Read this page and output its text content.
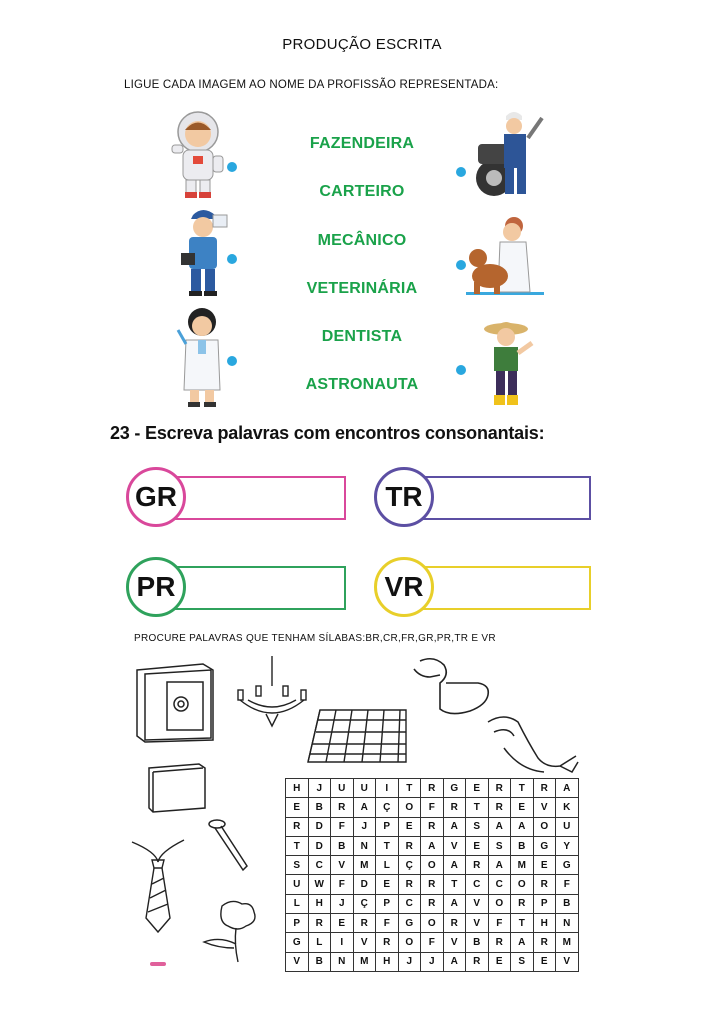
PRODUÇÃO ESCRITA
LIGUE CADA IMAGEM AO NOME DA PROFISSÃO REPRESENTADA:
FAZENDEIRA
CARTEIRO
MECÂNICO
VETERINÁRIA
DENTISTA
ASTRONAUTA
23 - Escreva palavras com encontros consonantais:
GR	TR
PR	VR
PROCURE PALAVRAS QUE TENHAM SÍLABAS:BR,CR,FR,GR,PR,TR E VR
H	J	U	U	I	T	R	G	E	R	T	R	A
E	B	R	A	Ç	O	F	R	T	R	E	V	K
R	D	F	J	P	E	R	A	S	A	A	O	U
T	D	B	N	T	R	A	V	E	S	B	G	Y
S	C	V	M	L	Ç	O	A	R	A	M	E	G
U	W	F	D	E	R	R	T	C	C	O	R	F
L	H	J	Ç	P	C	R	A	V	O	R	P	B
P	R	E	R	F	G	O	R	V	F	T	H	N
G	L	I	V	R	O	F	V	B	R	A	R	M
V	B	N	M	H	J	J	A	R	E	S	E	V
